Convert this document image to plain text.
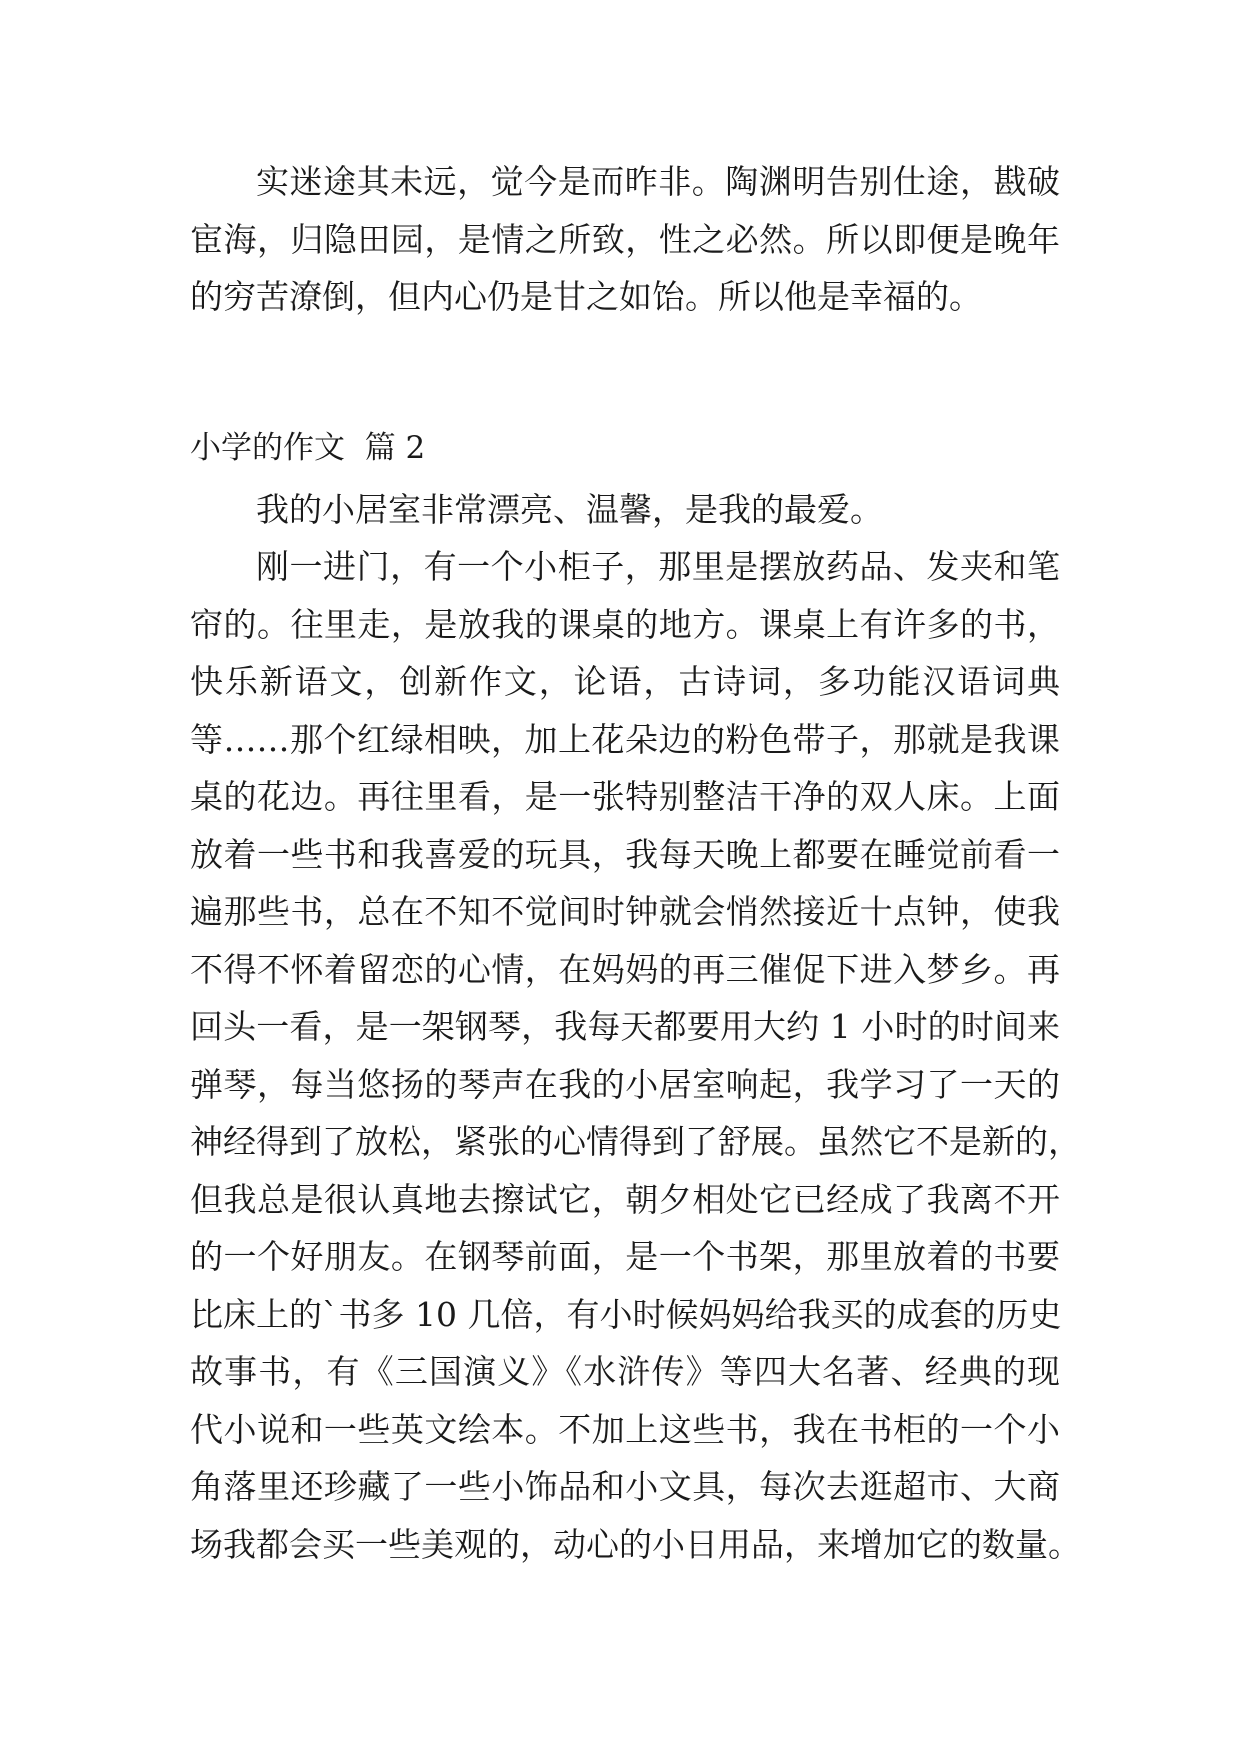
实迷途其未远，觉今是而昨非。陶渊明告别仕途，戡破
宦海，归隐田园，是情之所致，性之必然。所以即便是晚年
的穷苦潦倒，但内心仍是甘之如饴。所以他是幸福的。
小学的作文  篇 2
我的小居室非常漂亮、温馨，是我的最爱。
刚一进门，有一个小柜子，那里是摆放药品、发夹和笔
帘的。往里走，是放我的课桌的地方。课桌上有许多的书，
快乐新语文，创新作文，论语，古诗词，多功能汉语词典
等……那个红绿相映，加上花朵边的粉色带子，那就是我课
桌的花边。再往里看，是一张特别整洁干净的双人床。上面
放着一些书和我喜爱的玩具，我每天晚上都要在睡觉前看一
遍那些书，总在不知不觉间时钟就会悄然接近十点钟，使我
不得不怀着留恋的心情，在妈妈的再三催促下进入梦乡。再
回头一看，是一架钢琴，我每天都要用大约 1 小时的时间来
弹琴，每当悠扬的琴声在我的小居室响起，我学习了一天的
神经得到了放松，紧张的心情得到了舒展。虽然它不是新的，
但我总是很认真地去擦试它，朝夕相处它已经成了我离不开
的一个好朋友。在钢琴前面，是一个书架，那里放着的书要
比床上的`书多 10 几倍，有小时候妈妈给我买的成套的历史
故事书，有《三国演义》《水浒传》等四大名著、经典的现
代小说和一些英文绘本。不加上这些书，我在书柜的一个小
角落里还珍藏了一些小饰品和小文具，每次去逛超市、大商
场我都会买一些美观的，动心的小日用品，来增加它的数量。
